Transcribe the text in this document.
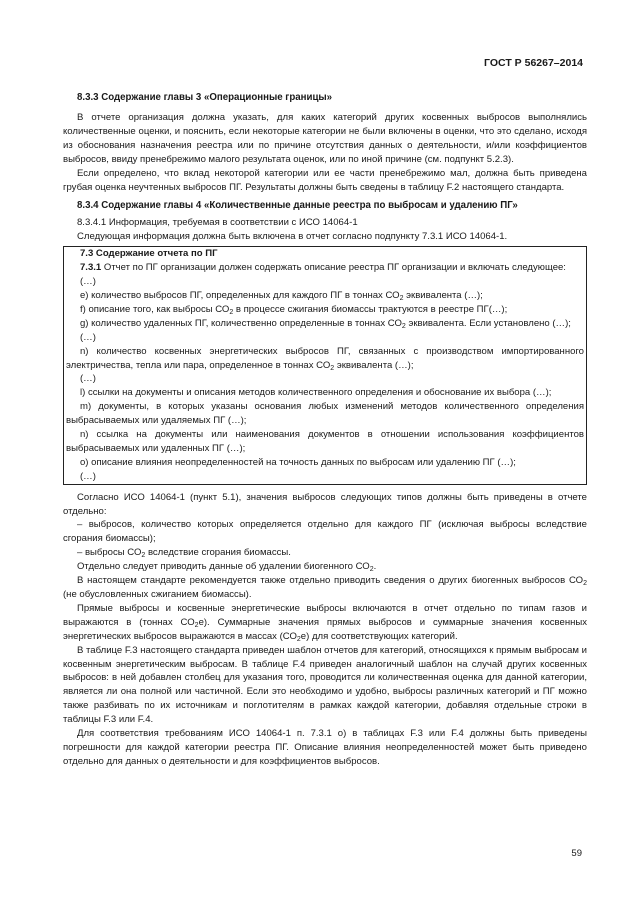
ГОСТ Р 56267–2014
8.3.3 Содержание главы 3 «Операционные границы»

В отчете организация должна указать, для каких категорий других косвенных выбросов выполнялись количественные оценки, и пояснить, если некоторые категории не были включены в оценки, что это сделано, исходя из обоснования назначения реестра или по причине отсутствия данных о деятельности, и/или коэффициентов выбросов, ввиду пренебрежимо малого результата оценок, или по иной причине (см. подпункт 5.2.3).

Если определено, что вклад некоторой категории или ее части пренебрежимо мал, должна быть приведена грубая оценка неучтенных выбросов ПГ. Результаты должны быть сведены в таблицу F.2 настоящего стандарта.

8.3.4 Содержание главы 4 «Количественные данные реестра по выбросам и удалению ПГ»

8.3.4.1 Информация, требуемая в соответствии с ИСО 14064-1

Следующая информация должна быть включена в отчет согласно подпункту 7.3.1 ИСО 14064-1.

7.3 Содержание отчета по ПГ

7.3.1 Отчет по ПГ организации должен содержать описание реестра ПГ организации и включать следующее:

(…)

е) количество выбросов ПГ, определенных для каждого ПГ в тоннах $СО_2$ эквивалента (…);

f) описание того, как выбросы $СО_2$ в процессе сжигания биомассы трактуются в реестре ПГ(…);

g) количество удаленных ПГ, количественно определенные в тоннах $СО_2$ эквивалента. Если установлено (…);

(…)

n) количество косвенных энергетических выбросов ПГ, связанных с производством импортированного электричества, тепла или пара, определенное в тоннах $СО_2$ эквивалента (…);

(…)

l) ссылки на документы и описания методов количественного определения и обоснование их выбора (…);

m) документы, в которых указаны основания любых изменений методов количественного определения выбрасываемых или удаляемых ПГ (…);

n) ссылка на документы или наименования документов в отношении использования коэффициентов выбрасываемых или удаленных ПГ (…);

о) описание влияния неопределенностей на точность данных по выбросам или удалению ПГ (…);

(…)

Согласно ИСО 14064-1 (пункт 5.1), значения выбросов следующих типов должны быть приведены в отчете отдельно:

– выбросов, количество которых определяется отдельно для каждого ПГ (исключая выбросы вследствие сгорания биомассы);

– выбросы $СО_2$ вследствие сгорания биомассы.

Отдельно следует приводить данные об удалении биогенного $СО_2$.

В настоящем стандарте рекомендуется также отдельно приводить сведения о других биогенных выбросов $СО_2$ (не обусловленных сжиганием биомассы).

Прямые выбросы и косвенные энергетические выбросы включаются в отчет отдельно по типам газов и выражаются в (тоннах $СО_2е$). Суммарные значения прямых выбросов и суммарные значения косвенных энергетических выбросов выражаются в массах $(СО_2е)$ для соответствующих категорий.

В таблице F.3 настоящего стандарта приведен шаблон отчетов для категорий, относящихся к прямым выбросам и косвенным энергетическим выбросам. В таблице F.4 приведен аналогичный шаблон на случай других косвенных выбросов: в ней добавлен столбец для указания того, проводится ли количественная оценка для данной категории, является ли она полной или частичной. Если это необходимо и удобно, выбросы различных категорий и ПГ можно также разбивать по их источникам и поглотителям в рамках каждой категории, добавляя отдельные строки в таблицы F.3 или F.4.

Для соответствия требованиям ИСО 14064-1 п. 7.3.1 о) в таблицах F.3 или F.4 должны быть приведены погрешности для каждой категории реестра ПГ. Описание влияния неопределенностей может быть приведено отдельно для данных о деятельности и для коэффициентов выбросов.

59
